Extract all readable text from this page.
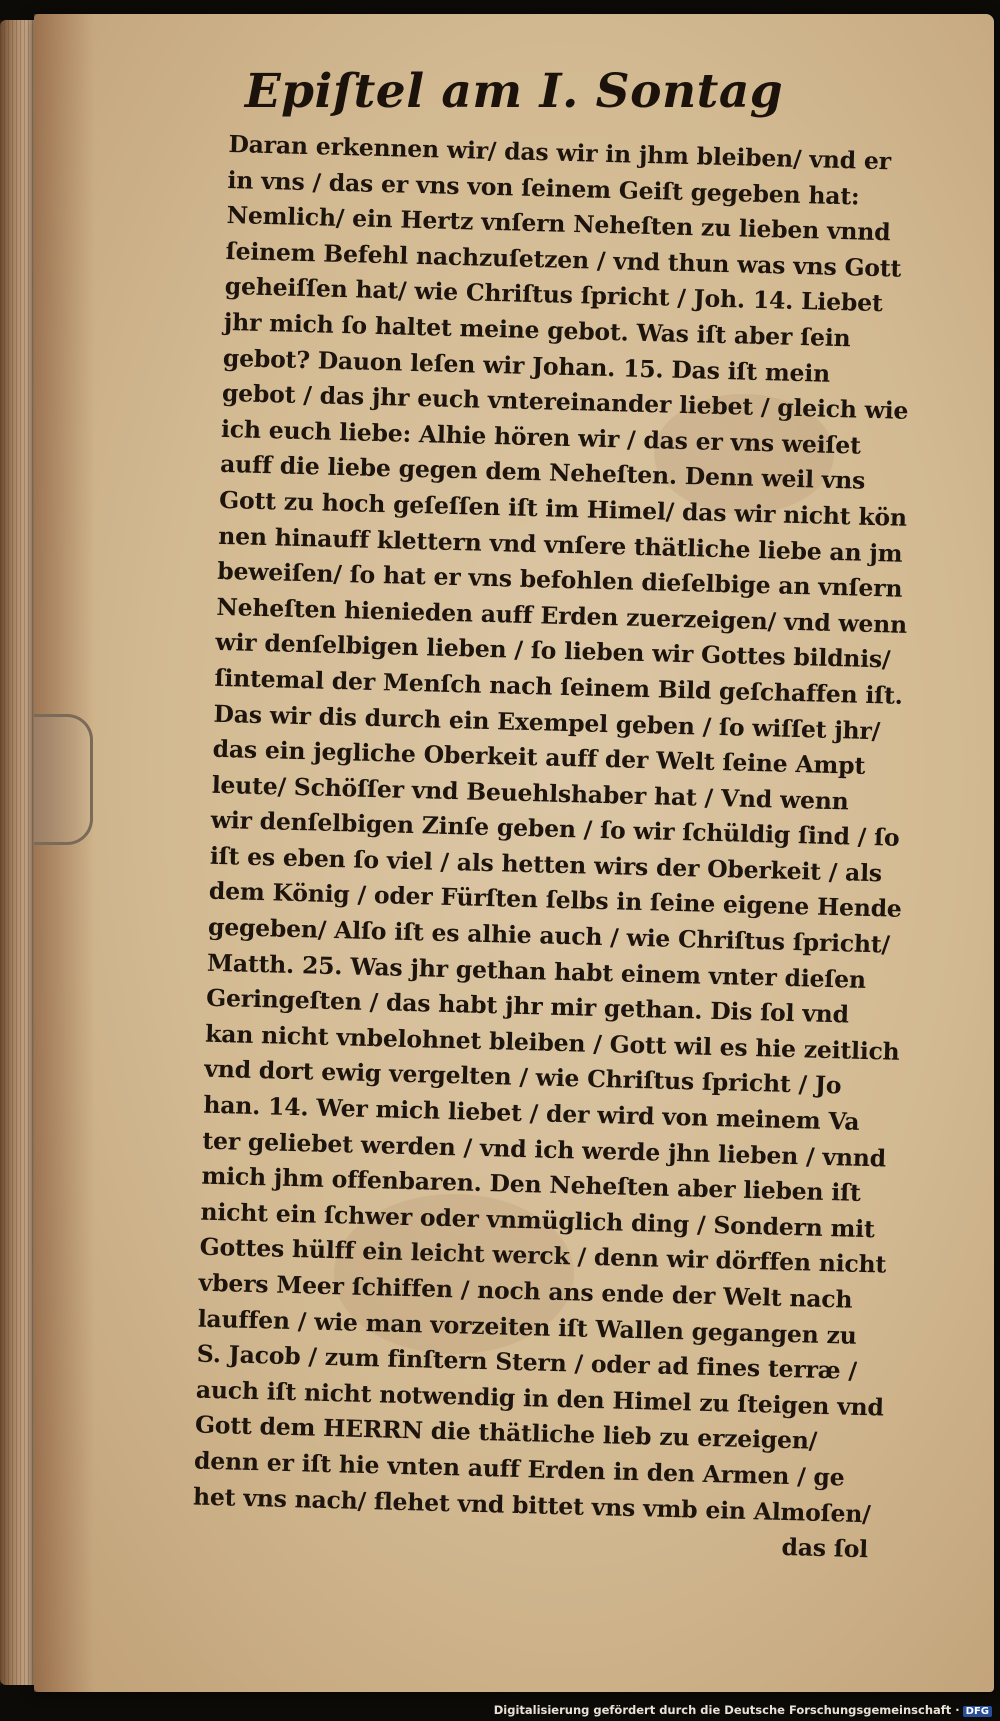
Epiſtel am I. Sontag
Daran erkennen wir/ das wir in jhm bleiben/ vnd er
in vns / das er vns von ſeinem Geiſt gegeben hat:
Nemlich/ ein Hertz vnſern Neheſten zu lieben vnnd
ſeinem Befehl nachzuſetzen / vnd thun was vns Gott
geheiſſen hat/ wie Chriſtus ſpricht / Joh. 14. Liebet
jhr mich ſo haltet meine gebot. Was iſt aber ſein
gebot? Dauon leſen wir Johan. 15. Das iſt mein
gebot / das jhr euch vntereinander liebet / gleich wie
ich euch liebe: Alhie hören wir / das er vns weiſet
auff die liebe gegen dem Neheſten. Denn weil vns
Gott zu hoch geſeſſen iſt im Himel/ das wir nicht kön
nen hinauff klettern vnd vnſere thätliche liebe an jm
beweiſen/ ſo hat er vns befohlen dieſelbige an vnſern
Neheſten hienieden auff Erden zuerzeigen/ vnd wenn
wir denſelbigen lieben / ſo lieben wir Gottes bildnis/
ſintemal der Menſch nach ſeinem Bild geſchaffen iſt.
Das wir dis durch ein Exempel geben / ſo wiſſet jhr/
das ein jegliche Oberkeit auff der Welt ſeine Ampt
leute/ Schöſſer vnd Beuehlshaber hat / Vnd wenn
wir denſelbigen Zinſe geben / ſo wir ſchüldig ſind / ſo
iſt es eben ſo viel / als hetten wirs der Oberkeit / als
dem König / oder Fürſten ſelbs in ſeine eigene Hende
gegeben/ Alſo iſt es alhie auch / wie Chriſtus ſpricht/
Matth. 25. Was jhr gethan habt einem vnter dieſen
Geringeſten / das habt jhr mir gethan. Dis ſol vnd
kan nicht vnbelohnet bleiben / Gott wil es hie zeitlich
vnd dort ewig vergelten / wie Chriſtus ſpricht / Jo
han. 14. Wer mich liebet / der wird von meinem Va
ter geliebet werden / vnd ich werde jhn lieben / vnnd
mich jhm offenbaren. Den Neheſten aber lieben iſt
nicht ein ſchwer oder vnmüglich ding / Sondern mit
Gottes hülff ein leicht werck / denn wir dörffen nicht
vbers Meer ſchiffen / noch ans ende der Welt nach
lauffen / wie man vorzeiten iſt Wallen gegangen zu
S. Jacob / zum finſtern Stern / oder ad fines terræ /
auch iſt nicht notwendig in den Himel zu ſteigen vnd
Gott dem HERRN die thätliche lieb zu erzeigen/
denn er iſt hie vnten auff Erden in den Armen / ge
het vns nach/ flehet vnd bittet vns vmb ein Almoſen/
das ſol
Digitalisierung gefördert durch die Deutsche Forschungsgemeinschaft · DFG
